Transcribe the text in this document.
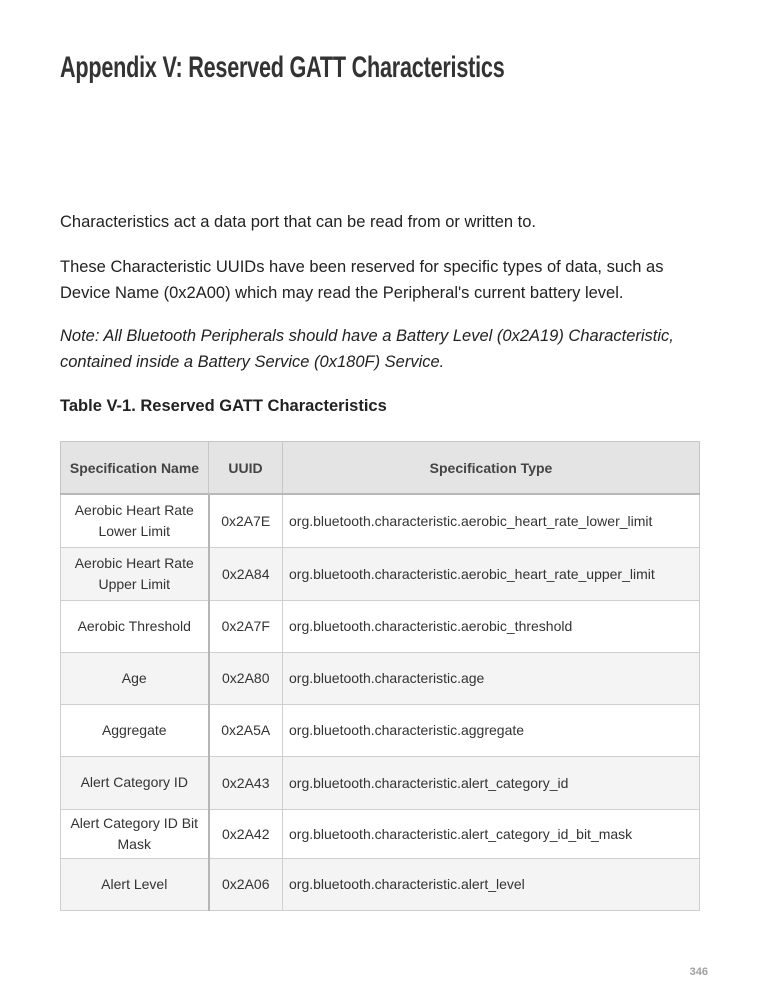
Appendix V: Reserved GATT Characteristics

Characteristics act a data port that can be read from or written to.

These Characteristic UUIDs have been reserved for specific types of data, such as Device Name (0x2A00) which may read the Peripheral's current battery level.

Note: All Bluetooth Peripherals should have a Battery Level (0x2A19) Characteristic, contained inside a Battery Service (0x180F) Service.

Table V-1. Reserved GATT Characteristics

Specification Name	UUID	Specification Type
Aerobic Heart Rate Lower Limit	0x2A7E	org.bluetooth.characteristic.aerobic_heart_rate_lower_limit
Aerobic Heart Rate Upper Limit	0x2A84	org.bluetooth.characteristic.aerobic_heart_rate_upper_limit
Aerobic Threshold	0x2A7F	org.bluetooth.characteristic.aerobic_threshold
Age	0x2A80	org.bluetooth.characteristic.age
Aggregate	0x2A5A	org.bluetooth.characteristic.aggregate
Alert Category ID	0x2A43	org.bluetooth.characteristic.alert_category_id
Alert Category ID Bit Mask	0x2A42	org.bluetooth.characteristic.alert_category_id_bit_mask
Alert Level	0x2A06	org.bluetooth.characteristic.alert_level
346
